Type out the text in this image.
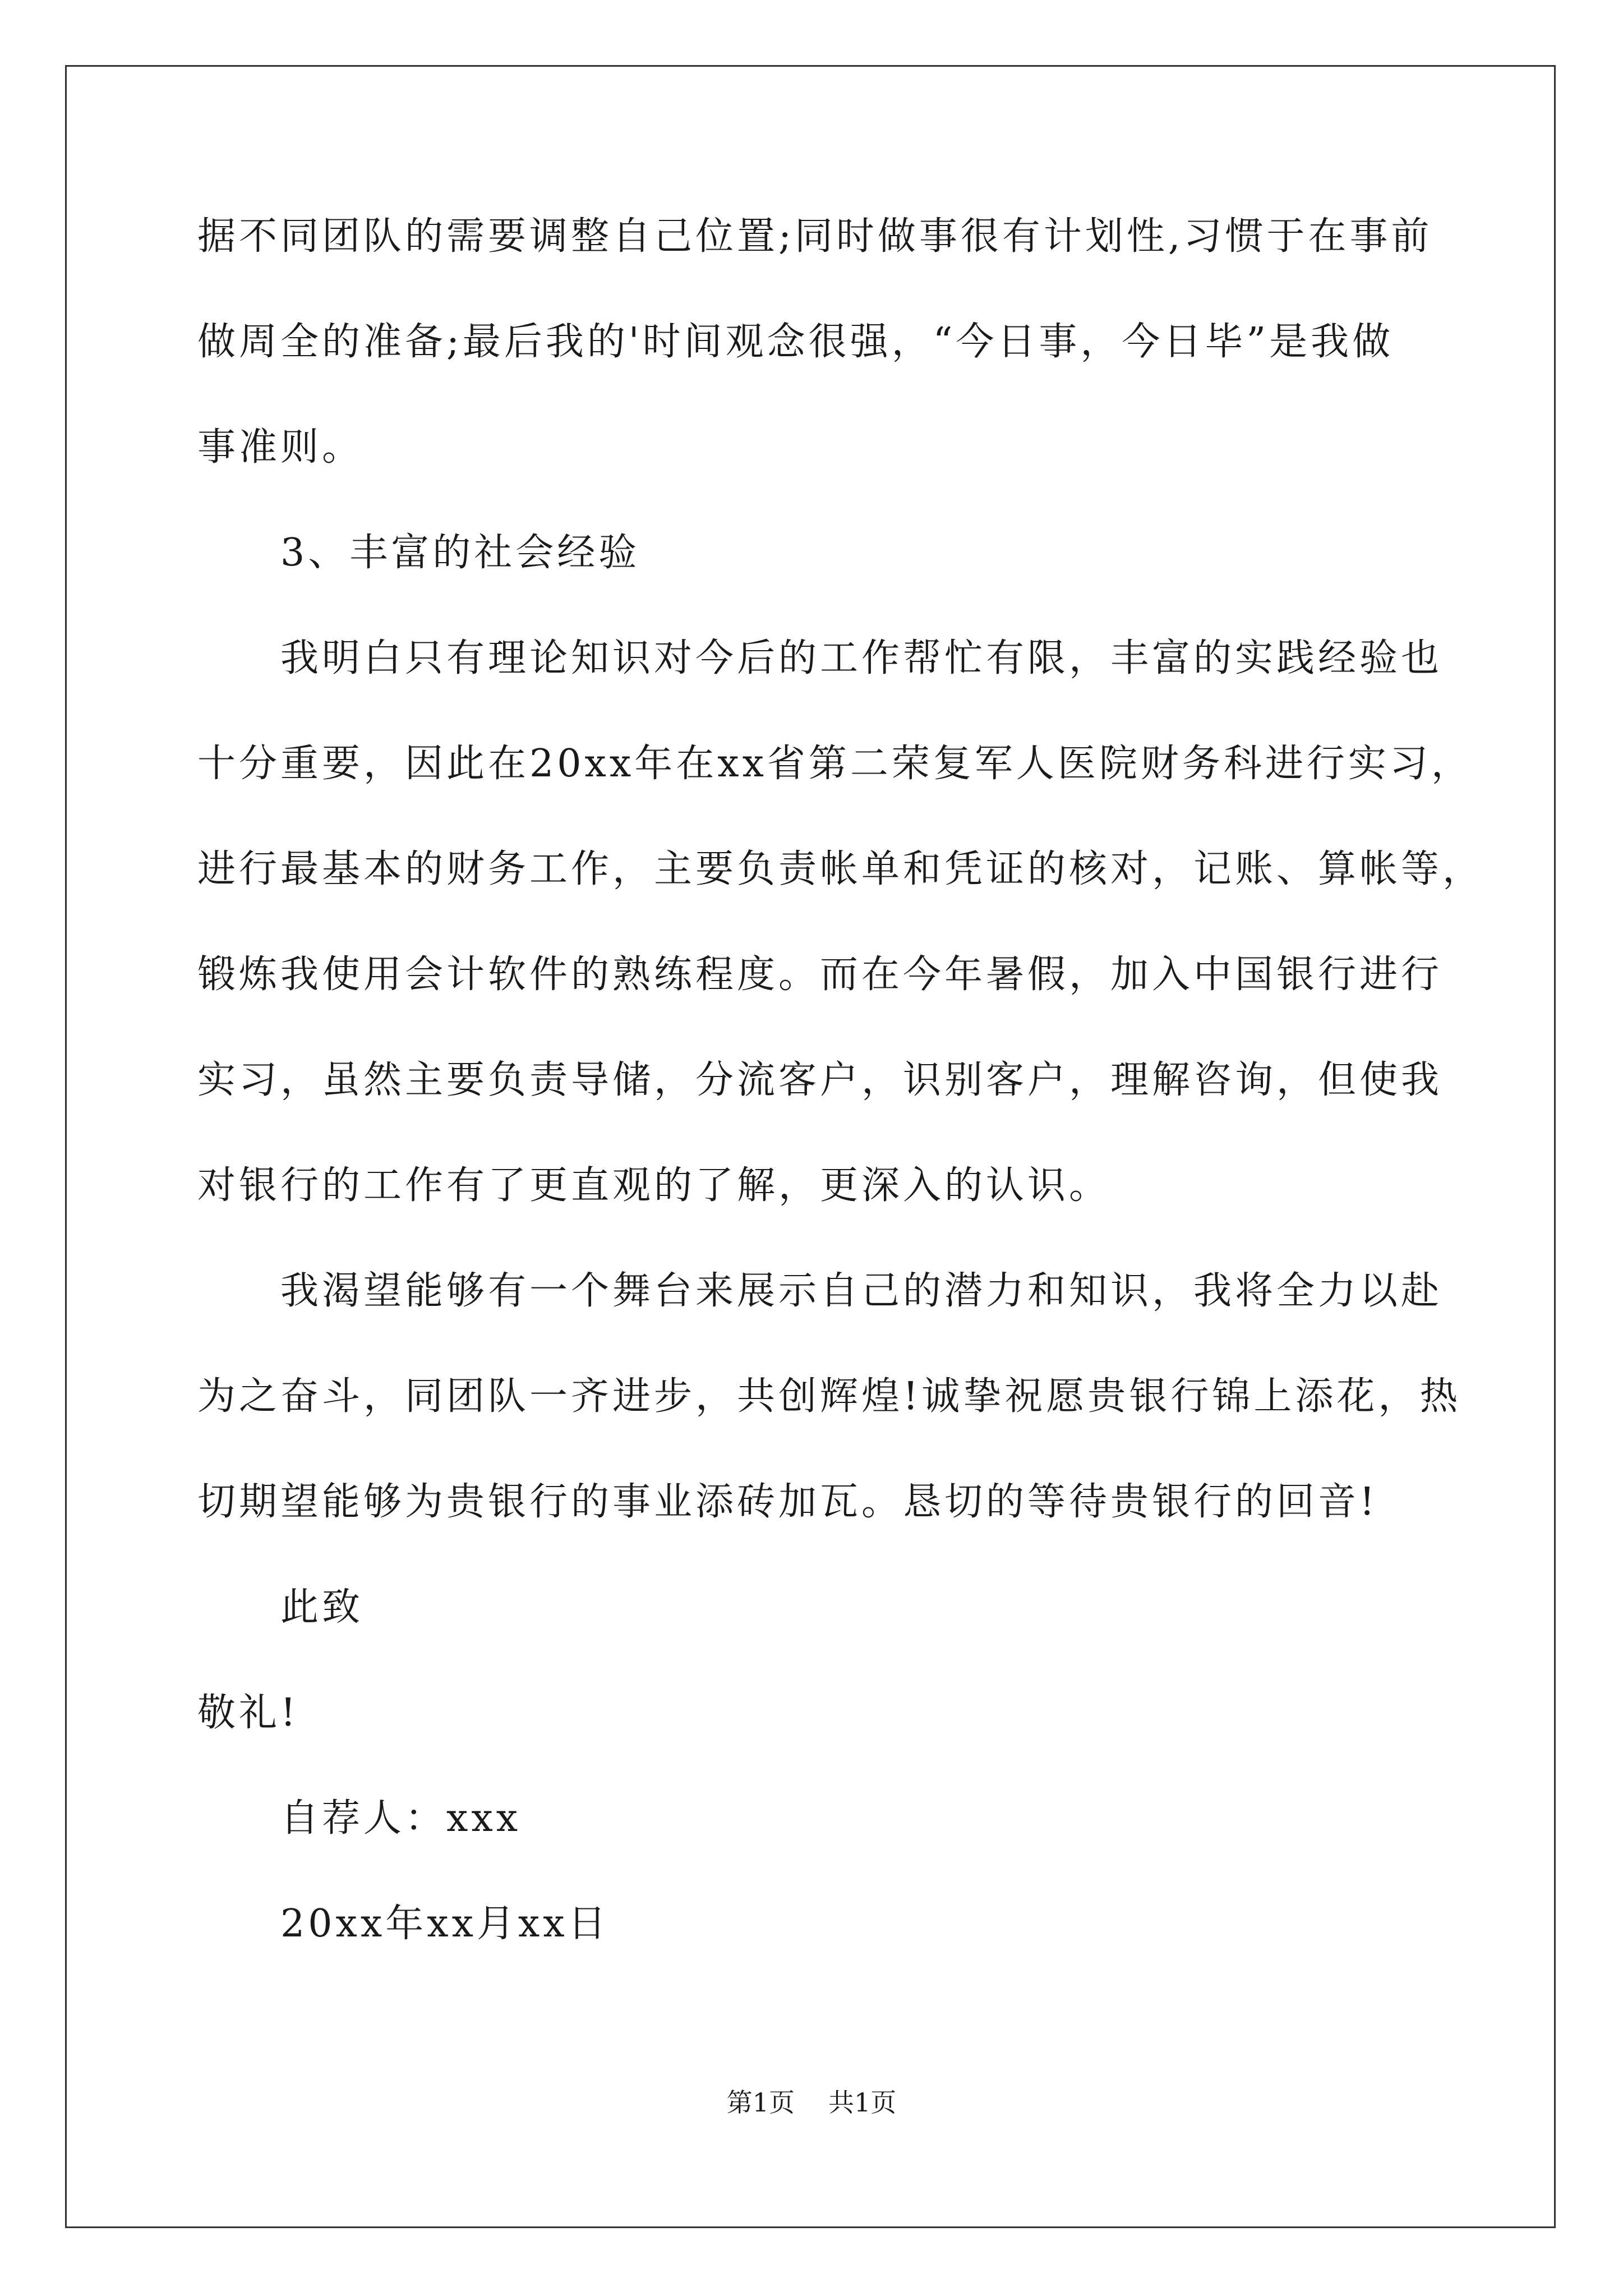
据不同团队的需要调整自己位置;同时做事很有计划性,习惯于在事前
做周全的准备;最后我的'时间观念很强，“今日事，今日毕”是我做
事准则。
3、丰富的社会经验
我明白只有理论知识对今后的工作帮忙有限，丰富的实践经验也
十分重要，因此在20xx年在xx省第二荣复军人医院财务科进行实习，
进行最基本的财务工作，主要负责帐单和凭证的核对，记账、算帐等，
锻炼我使用会计软件的熟练程度。而在今年暑假，加入中国银行进行
实习，虽然主要负责导储，分流客户，识别客户，理解咨询，但使我
对银行的工作有了更直观的了解，更深入的认识。
我渴望能够有一个舞台来展示自己的潜力和知识，我将全力以赴
为之奋斗，同团队一齐进步，共创辉煌!诚挚祝愿贵银行锦上添花，热
切期望能够为贵银行的事业添砖加瓦。恳切的等待贵银行的回音!
此致
敬礼!
自荐人：xxx
20xx年xx月xx日
第1页 共1页
